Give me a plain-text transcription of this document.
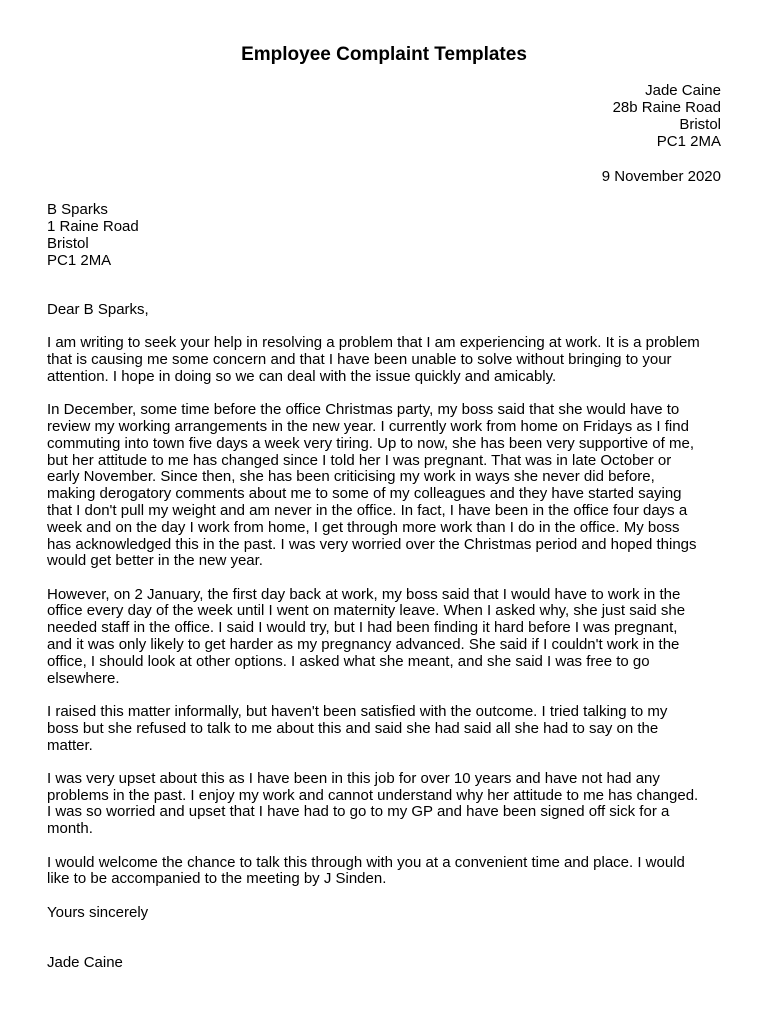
Employee Complaint Templates
Jade Caine
28b Raine Road
Bristol
PC1 2MA
9 November 2020
B Sparks
1 Raine Road
Bristol
PC1 2MA

Dear B Sparks,

I am writing to seek your help in resolving a problem that I am experiencing at work. It is a problem
that is causing me some concern and that I have been unable to solve without bringing to your
attention. I hope in doing so we can deal with the issue quickly and amicably.

In December, some time before the office Christmas party, my boss said that she would have to
review my working arrangements in the new year. I currently work from home on Fridays as I find
commuting into town five days a week very tiring. Up to now, she has been very supportive of me,
but her attitude to me has changed since I told her I was pregnant. That was in late October or
early November. Since then, she has been criticising my work in ways she never did before,
making derogatory comments about me to some of my colleagues and they have started saying
that I don't pull my weight and am never in the office. In fact, I have been in the office four days a
week and on the day I work from home, I get through more work than I do in the office. My boss
has acknowledged this in the past. I was very worried over the Christmas period and hoped things
would get better in the new year.

However, on 2 January, the first day back at work, my boss said that I would have to work in the
office every day of the week until I went on maternity leave. When I asked why, she just said she
needed staff in the office. I said I would try, but I had been finding it hard before I was pregnant,
and it was only likely to get harder as my pregnancy advanced. She said if I couldn't work in the
office, I should look at other options. I asked what she meant, and she said I was free to go
elsewhere.

I raised this matter informally, but haven't been satisfied with the outcome. I tried talking to my
boss but she refused to talk to me about this and said she had said all she had to say on the
matter.

I was very upset about this as I have been in this job for over 10 years and have not had any
problems in the past. I enjoy my work and cannot understand why her attitude to me has changed.
I was so worried and upset that I have had to go to my GP and have been signed off sick for a
month.

I would welcome the chance to talk this through with you at a convenient time and place. I would
like to be accompanied to the meeting by J Sinden.

Yours sincerely

Jade Caine
